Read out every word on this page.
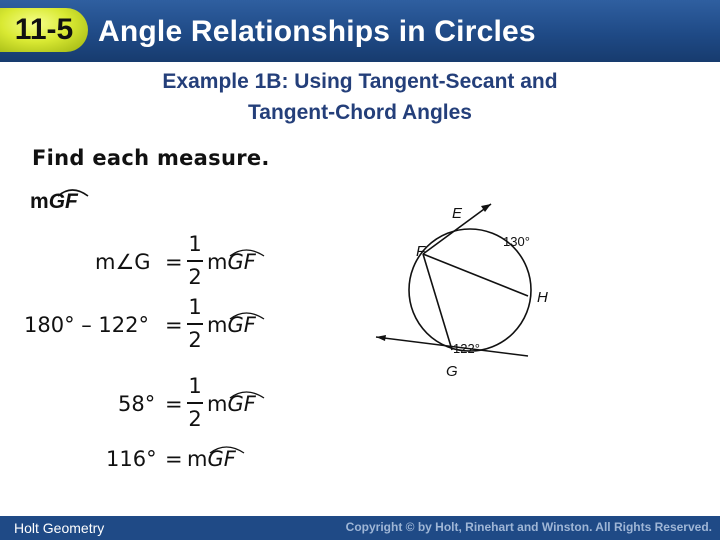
11-5 Angle Relationships in Circles
Example 1B: Using Tangent-Secant and
Tangent-Chord Angles
Find each measure.
mGF
m∠G =
1
2
mGF
180° – 122° =
1
2
mGF
58° =
1
2
mGF
116° = mGF
E
F
H
G
130°
122°
Holt Geometry	Copyright © by Holt, Rinehart and Winston. All Rights Reserved.
